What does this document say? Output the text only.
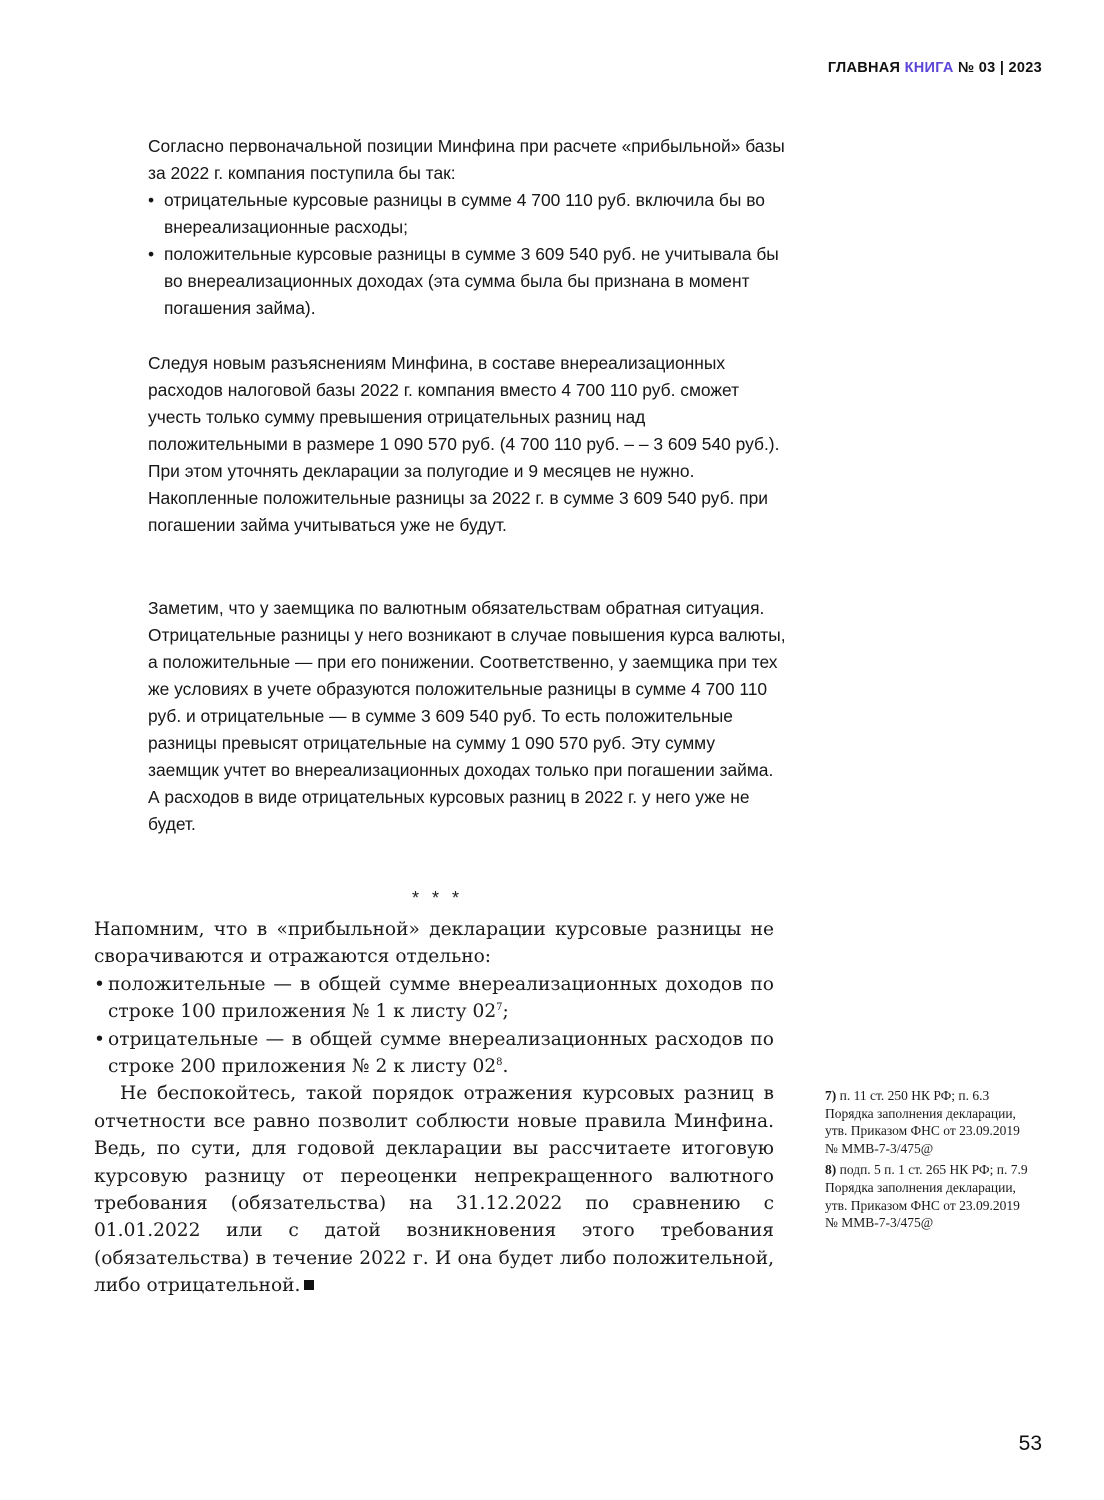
ГЛАВНАЯ КНИГА № 03 | 2023

Согласно первоначальной позиции Минфина при расчете «прибыльной» базы за 2022 г. компания поступила бы так:

• отрицательные курсовые разницы в сумме 4 700 110 руб. включила бы во внереализационные расходы;
• положительные курсовые разницы в сумме 3 609 540 руб. не учитывала бы во внереализационных доходах (эта сумма была бы признана в момент погашения займа).

Следуя новым разъяснениям Минфина, в составе внереализационных расходов налоговой базы 2022 г. компания вместо 4 700 110 руб. сможет учесть только сумму превышения отрицательных разниц над положительными в размере 1 090 570 руб. (4 700 110 руб. – – 3 609 540 руб.). При этом уточнять декларации за полугодие и 9 месяцев не нужно. Накопленные положительные разницы за 2022 г. в сумме 3 609 540 руб. при погашении займа учитываться уже не будут.

Заметим, что у заемщика по валютным обязательствам обратная ситуация. Отрицательные разницы у него возникают в случае повышения курса валюты, а положительные — при его понижении. Соответственно, у заемщика при тех же условиях в учете образуются положительные разницы в сумме 4 700 110 руб. и отрицательные — в сумме 3 609 540 руб. То есть положительные разницы превысят отрицательные на сумму 1 090 570 руб. Эту сумму заемщик учтет во внереализационных доходах только при погашении займа. А расходов в виде отрицательных курсовых разниц в 2022 г. у него уже не будет.

* * *

Напомним, что в «прибыльной» декларации курсовые разницы не сворачиваются и отражаются отдельно:

• положительные — в общей сумме внереализационных доходов по строке 100 приложения № 1 к листу $02^7$;
• отрицательные — в общей сумме внереализационных расходов по строке 200 приложения № 2 к листу $02^8$.

Не беспокойтесь, такой порядок отражения курсовых разниц в отчетности все равно позволит соблюсти новые правила Минфина. Ведь, по сути, для годовой декларации вы рассчитаете итоговую курсовую разницу от переоценки непрекращенного валютного требования (обязательства) на 31.12.2022 по сравнению с 01.01.2022 или с датой возникновения этого требования (обязательства) в течение 2022 г. И она будет либо положительной, либо отрицательной.

7) п. 11 ст. 250 НК РФ; п. 6.3 Порядка заполнения декларации, утв. Приказом ФНС от 23.09.2019 № ММВ-7-3/475@
8) подп. 5 п. 1 ст. 265 НК РФ; п. 7.9 Порядка заполнения декларации, утв. Приказом ФНС от 23.09.2019 № ММВ-7-3/475@
53
